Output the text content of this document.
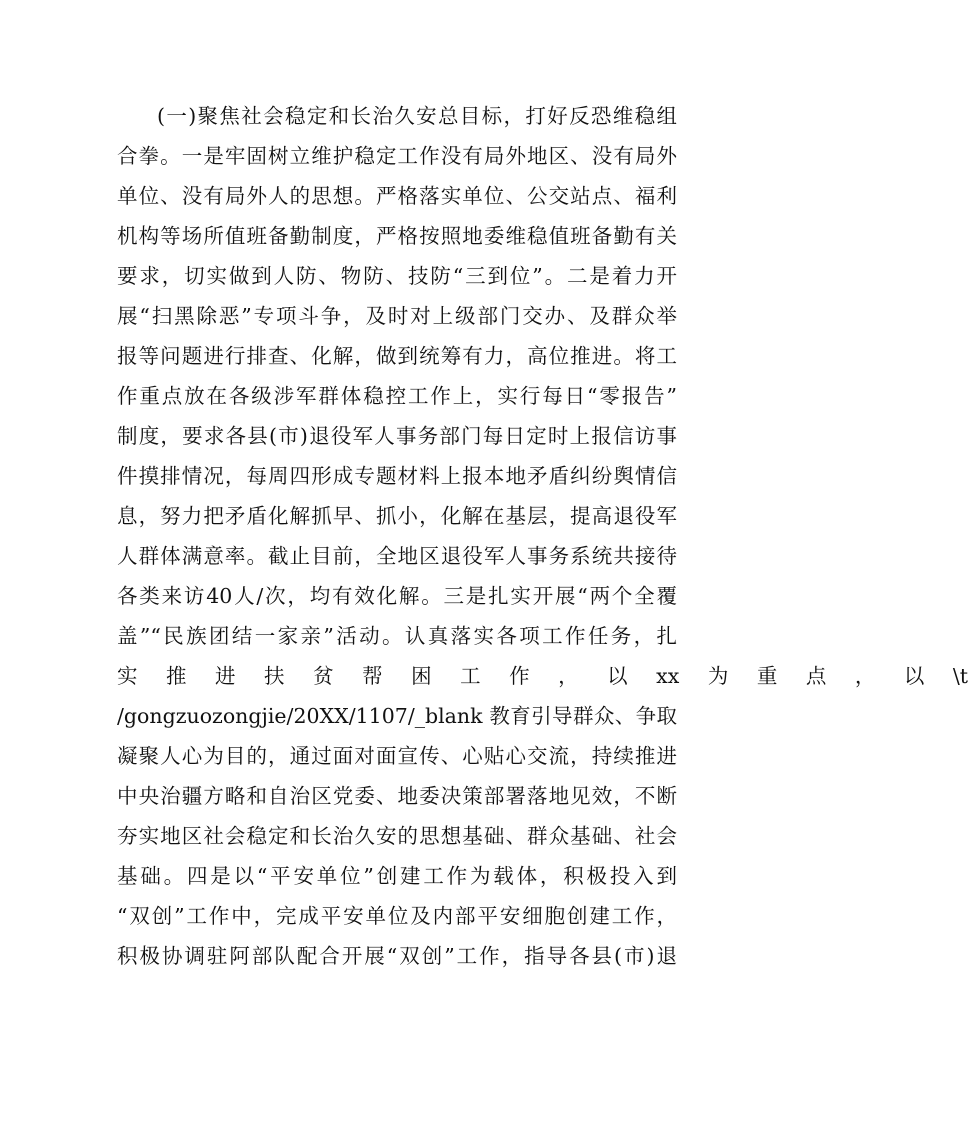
(一)聚焦社会稳定和长治久安总目标，打好反恐维稳组
合拳。一是牢固树立维护稳定工作没有局外地区、没有局外
单位、没有局外人的思想。严格落实单位、公交站点、福利
机构等场所值班备勤制度，严格按照地委维稳值班备勤有关
要求，切实做到人防、物防、技防“三到位”。二是着力开
展“扫黑除恶”专项斗争，及时对上级部门交办、及群众举
报等问题进行排查、化解，做到统筹有力，高位推进。将工
作重点放在各级涉军群体稳控工作上，实行每日“零报告”
制度，要求各县(市)退役军人事务部门每日定时上报信访事
件摸排情况，每周四形成专题材料上报本地矛盾纠纷舆情信
息，努力把矛盾化解抓早、抓小，化解在基层，提高退役军
人群体满意率。截止目前，全地区退役军人事务系统共接待
各类来访40人/次，均有效化解。三是扎实开展“两个全覆
盖”“民族团结一家亲”活动。认真落实各项工作任务，扎
实 推 进 扶 贫 帮 困 工 作 ， 以 xx 为 重 点 ， 以 \t
/gongzuozongjie/20XX/1107/_blank 教育引导群众、争取
凝聚人心为目的，通过面对面宣传、心贴心交流，持续推进
中央治疆方略和自治区党委、地委决策部署落地见效，不断
夯实地区社会稳定和长治久安的思想基础、群众基础、社会
基础。四是以“平安单位”创建工作为载体，积极投入到
“双创”工作中，完成平安单位及内部平安细胞创建工作，
积极协调驻阿部队配合开展“双创”工作，指导各县(市)退
